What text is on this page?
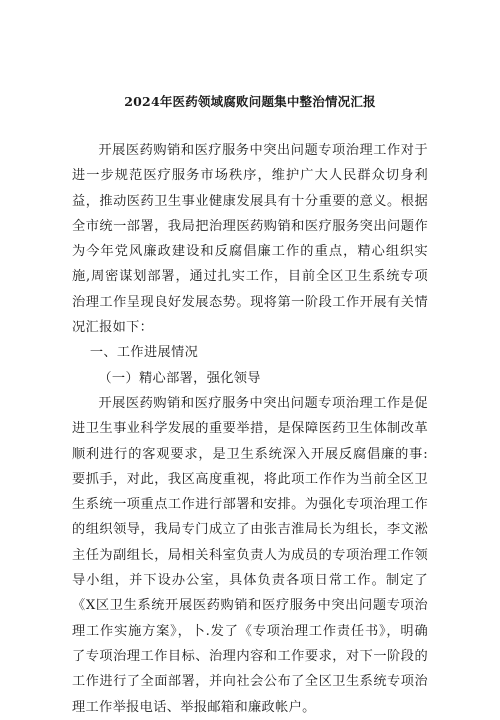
2024年医药领域腐败问题集中整治情况汇报

开展医药购销和医疗服务中突出问题专项治理工作对于进一步规范医疗服务市场秩序，维护广大人民群众切身利益，推动医药卫生事业健康发展具有十分重要的意义。根据全市统一部署，我局把治理医药购销和医疗服务突出问题作为今年党风廉政建设和反腐倡廉工作的重点，精心组织实施,周密谋划部署，通过扎实工作，目前全区卫生系统专项治理工作呈现良好发展态势。现将第一阶段工作开展有关情况汇报如下：

一、工作进展情况

（一）精心部署，强化领导

开展医药购销和医疗服务中突出问题专项治理工作是促进卫生事业科学发展的重要举措，是保障医药卫生体制改革顺利进行的客观要求，是卫生系统深入开展反腐倡廉的事:要抓手，对此，我区高度重视，将此项工作作为当前全区卫生系统一项重点工作进行部署和安排。为强化专项治理工作的组织领导，我局专门成立了由张吉淮局长为组长，李文淞主任为副组长，局相关科室负责人为成员的专项治理工作领导小组，并下设办公室，具体负责各项日常工作。制定了《X区卫生系统开展医药购销和医疗服务中突出问题专项治理工作实施方案》，卜.发了《专项治理工作责任书》，明确了专项治理工作目标、治理内容和工作要求，对下一阶段的工作进行了全面部署，并向社会公布了全区卫生系统专项治理工作举报电话、举报邮箱和廉政帐户。
